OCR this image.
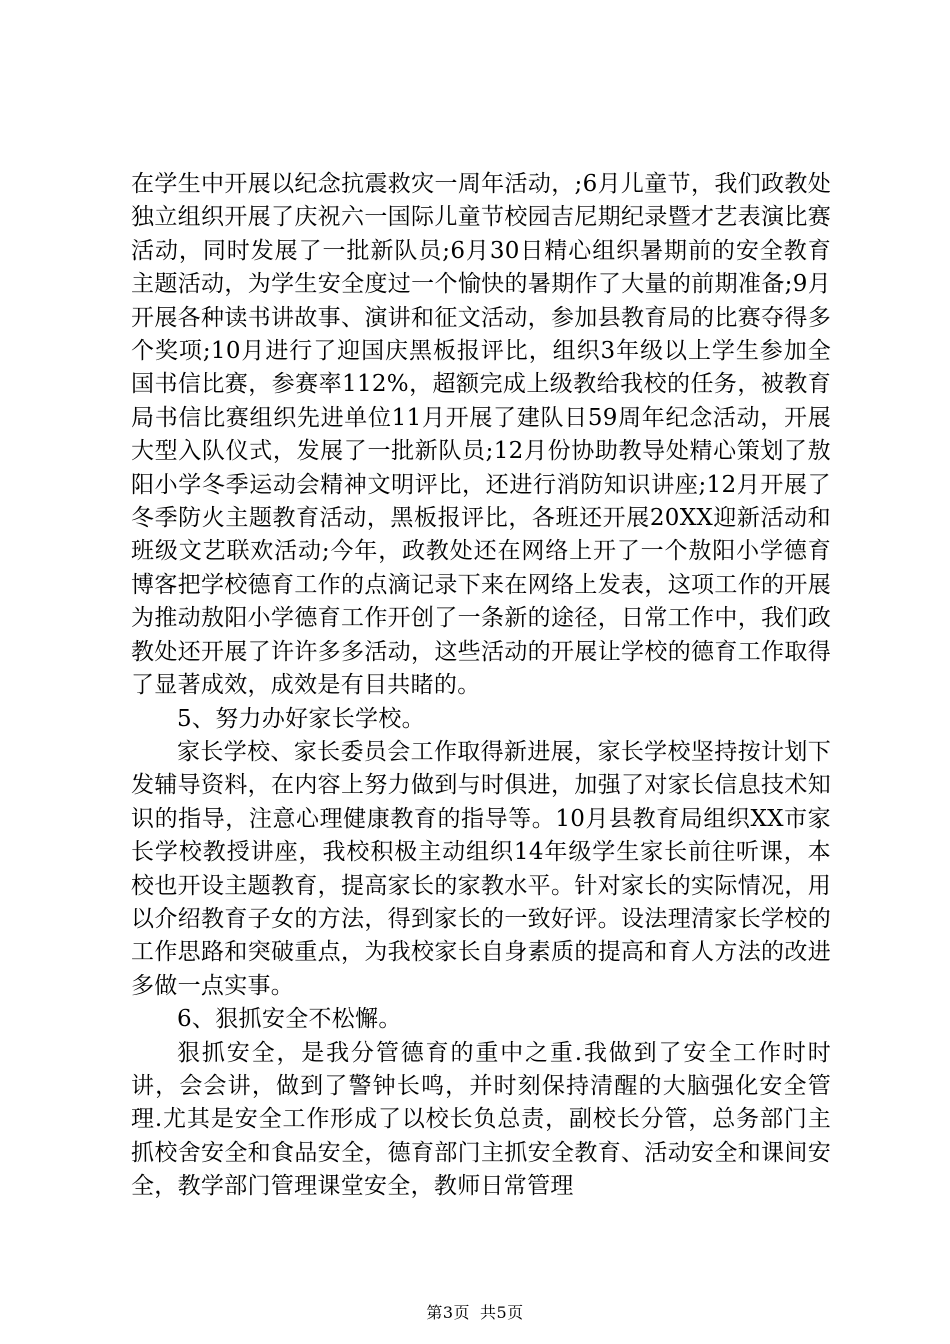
在学生中开展以纪念抗震救灾一周年活动，;6月儿童节，我们政教处独立组织开展了庆祝六一国际儿童节校园吉尼期纪录暨才艺表演比赛活动，同时发展了一批新队员;6月30日精心组织暑期前的安全教育主题活动，为学生安全度过一个愉快的暑期作了大量的前期准备;9月开展各种读书讲故事、演讲和征文活动，参加县教育局的比赛夺得多个奖项;10月进行了迎国庆黑板报评比，组织3年级以上学生参加全国书信比赛，参赛率112%，超额完成上级教给我校的任务，被教育局书信比赛组织先进单位11月开展了建队日59周年纪念活动，开展大型入队仪式，发展了一批新队员;12月份协助教导处精心策划了敖阳小学冬季运动会精神文明评比，还进行消防知识讲座;12月开展了冬季防火主题教育活动，黑板报评比，各班还开展20XX迎新活动和班级文艺联欢活动;今年，政教处还在网络上开了一个敖阳小学德育博客把学校德育工作的点滴记录下来在网络上发表，这项工作的开展为推动敖阳小学德育工作开创了一条新的途径，日常工作中，我们政教处还开展了许许多多活动，这些活动的开展让学校的德育工作取得了显著成效，成效是有目共睹的。

5、努力办好家长学校。

家长学校、家长委员会工作取得新进展，家长学校坚持按计划下发辅导资料，在内容上努力做到与时俱进，加强了对家长信息技术知识的指导，注意心理健康教育的指导等。10月县教育局组织XX市家长学校教授讲座，我校积极主动组织14年级学生家长前往听课，本校也开设主题教育，提高家长的家教水平。针对家长的实际情况，用以介绍教育子女的方法，得到家长的一致好评。设法理清家长学校的工作思路和突破重点，为我校家长自身素质的提高和育人方法的改进多做一点实事。

6、狠抓安全不松懈。

狠抓安全，是我分管德育的重中之重.我做到了安全工作时时讲，会会讲，做到了警钟长鸣，并时刻保持清醒的大脑强化安全管理.尤其是安全工作形成了以校长负总责，副校长分管，总务部门主抓校舍安全和食品安全，德育部门主抓安全教育、活动安全和课间安全，教学部门管理课堂安全，教师日常管理

第3页 共5页
